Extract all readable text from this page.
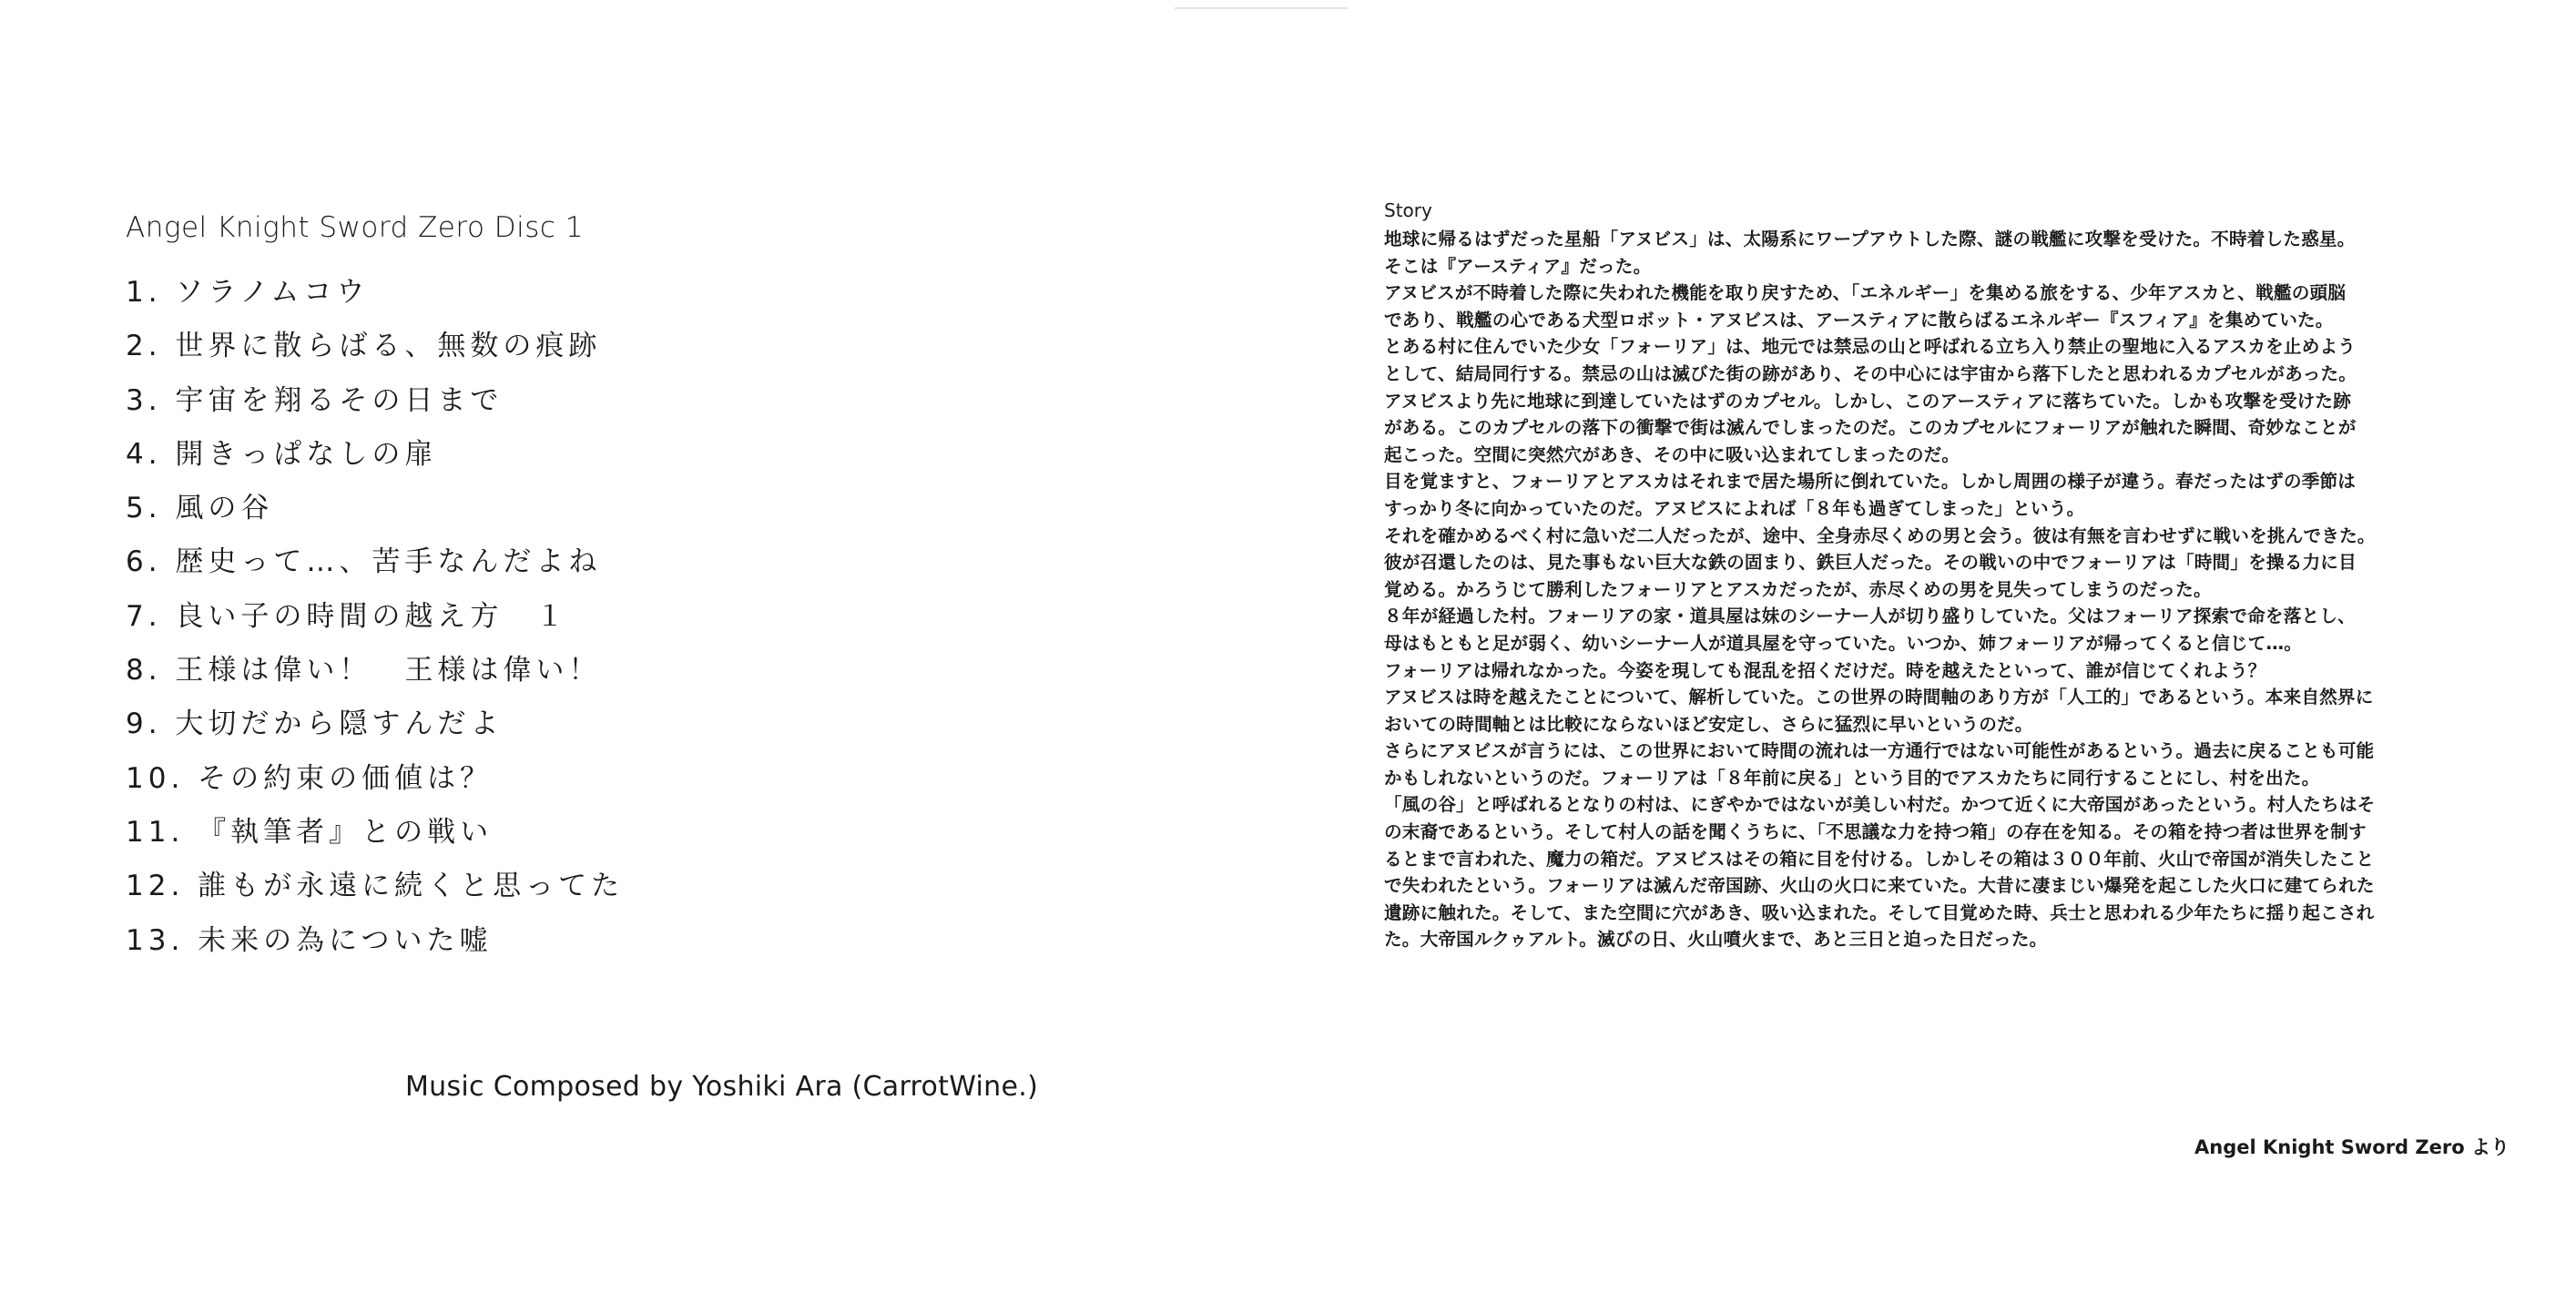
Angel Knight Sword Zero Disc 1
1. ソラノムコウ
2. 世界に散らばる、無数の痕跡
3. 宇宙を翔るその日まで
4. 開きっぱなしの扉
5. 風の谷
6. 歴史って…、苦手なんだよね
7. 良い子の時間の越え方　１
8. 王様は偉い！　王様は偉い！
9. 大切だから隠すんだよ
10. その約束の価値は？
11. 『執筆者』との戦い
12. 誰もが永遠に続くと思ってた
13. 未来の為についた嘘
Music Composed by Yoshiki Ara (CarrotWine.)
Story
地球に帰るはずだった星船「アヌビス」は、太陽系にワープアウトした際、謎の戦艦に攻撃を受けた。不時着した惑星。
そこは『アースティア』だった。
アヌビスが不時着した際に失われた機能を取り戻すため、「エネルギー」を集める旅をする、少年アスカと、戦艦の頭脳
であり、戦艦の心である犬型ロボット・アヌビスは、アースティアに散らばるエネルギー『スフィア』を集めていた。
とある村に住んでいた少女「フォーリア」は、地元では禁忌の山と呼ばれる立ち入り禁止の聖地に入るアスカを止めよう
として、結局同行する。禁忌の山は滅びた街の跡があり、その中心には宇宙から落下したと思われるカプセルがあった。
アヌビスより先に地球に到達していたはずのカプセル。しかし、このアースティアに落ちていた。しかも攻撃を受けた跡
がある。このカプセルの落下の衝撃で街は滅んでしまったのだ。このカプセルにフォーリアが触れた瞬間、奇妙なことが
起こった。空間に突然穴があき、その中に吸い込まれてしまったのだ。
目を覚ますと、フォーリアとアスカはそれまで居た場所に倒れていた。しかし周囲の様子が違う。春だったはずの季節は
すっかり冬に向かっていたのだ。アヌビスによれば「８年も過ぎてしまった」という。
それを確かめるべく村に急いだ二人だったが、途中、全身赤尽くめの男と会う。彼は有無を言わせずに戦いを挑んできた。
彼が召還したのは、見た事もない巨大な鉄の固まり、鉄巨人だった。その戦いの中でフォーリアは「時間」を操る力に目
覚める。かろうじて勝利したフォーリアとアスカだったが、赤尽くめの男を見失ってしまうのだった。
８年が経過した村。フォーリアの家・道具屋は妹のシーナー人が切り盛りしていた。父はフォーリア探索で命を落とし、
母はもともと足が弱く、幼いシーナー人が道具屋を守っていた。いつか、姉フォーリアが帰ってくると信じて…。
フォーリアは帰れなかった。今姿を現しても混乱を招くだけだ。時を越えたといって、誰が信じてくれよう？
アヌビスは時を越えたことについて、解析していた。この世界の時間軸のあり方が「人工的」であるという。本来自然界に
おいての時間軸とは比較にならないほど安定し、さらに猛烈に早いというのだ。
さらにアヌビスが言うには、この世界において時間の流れは一方通行ではない可能性があるという。過去に戻ることも可能
かもしれないというのだ。フォーリアは「８年前に戻る」という目的でアスカたちに同行することにし、村を出た。
「風の谷」と呼ばれるとなりの村は、にぎやかではないが美しい村だ。かつて近くに大帝国があったという。村人たちはそ
の末裔であるという。そして村人の話を聞くうちに、「不思議な力を持つ箱」の存在を知る。その箱を持つ者は世界を制す
るとまで言われた、魔力の箱だ。アヌビスはその箱に目を付ける。しかしその箱は３００年前、火山で帝国が消失したこと
で失われたという。フォーリアは滅んだ帝国跡、火山の火口に来ていた。大昔に凄まじい爆発を起こした火口に建てられた
遺跡に触れた。そして、また空間に穴があき、吸い込まれた。そして目覚めた時、兵士と思われる少年たちに揺り起こされ
た。大帝国ルクゥアルト。滅びの日、火山噴火まで、あと三日と迫った日だった。
Angel Knight Sword Zero より
